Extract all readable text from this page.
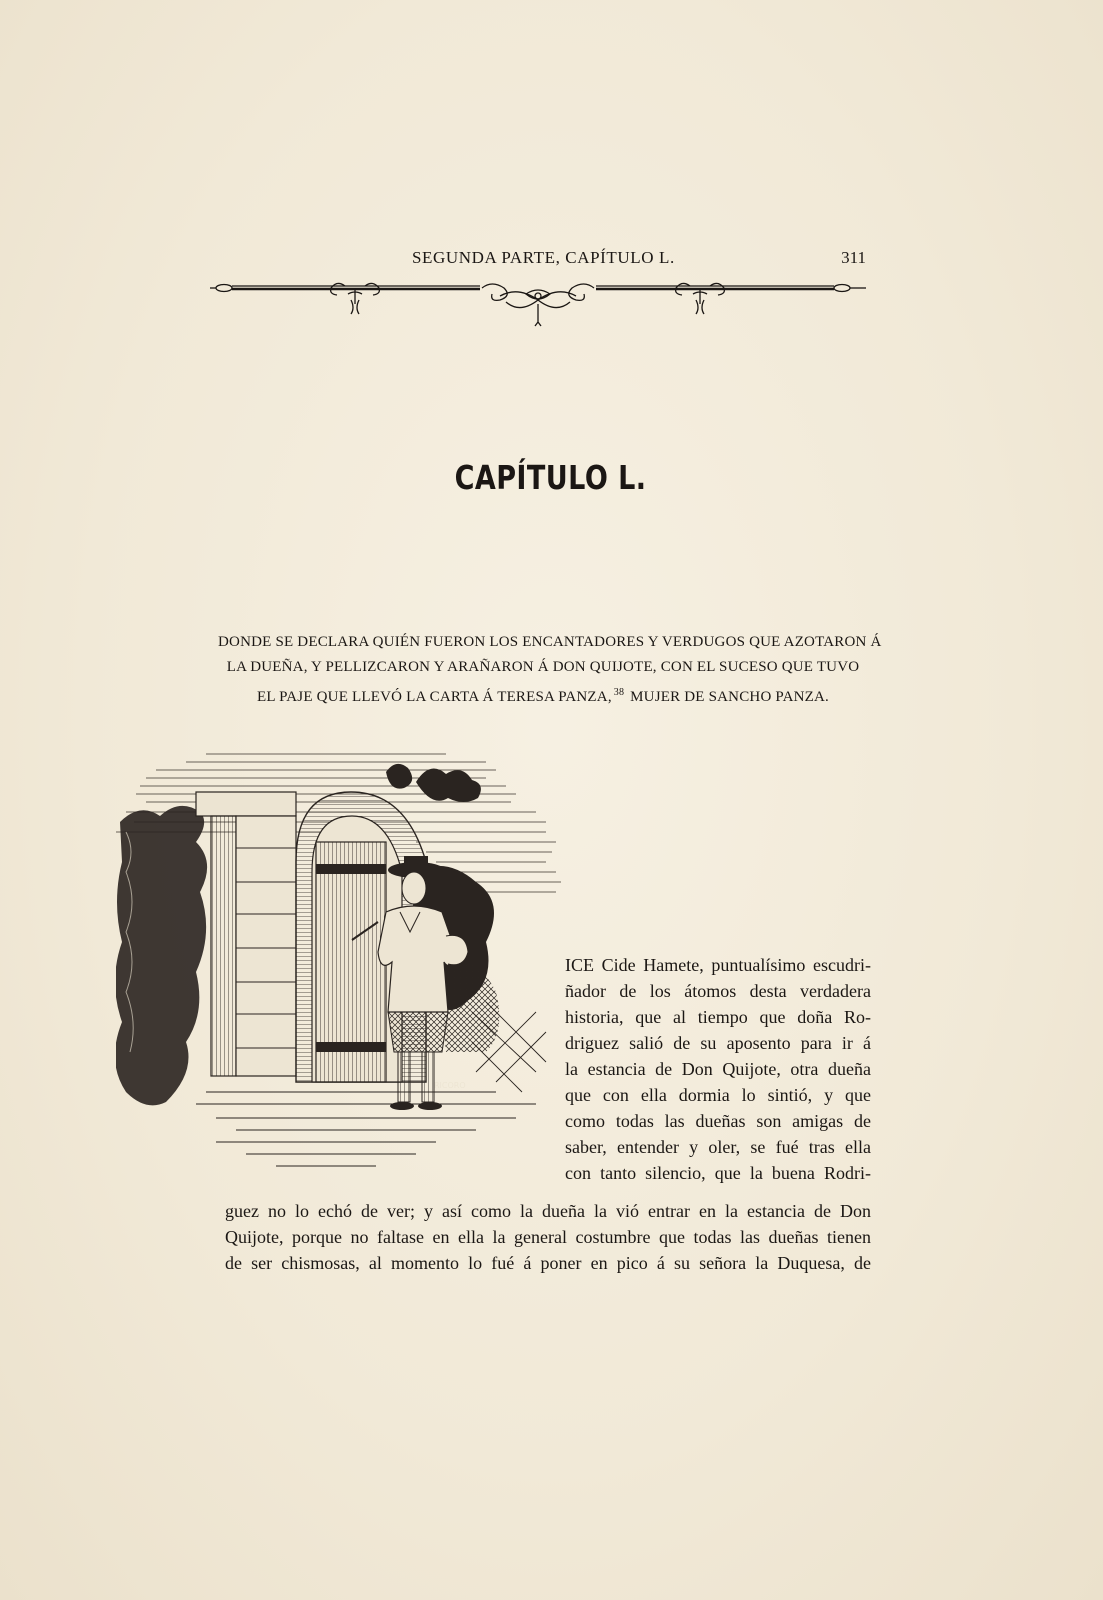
SEGUNDA PARTE, CAPÍTULO L.	311
CAPÍTULO L.
DONDE SE DECLARA QUIÉN FUERON LOS ENCANTADORES Y VERDUGOS QUE AZOTARON Á
LA DUEÑA, Y PELLIZCARON Y ARAÑARON Á DON QUIJOTE, CON EL SUCESO QUE TUVO
EL PAJE QUE LLEVÓ LA CARTA Á TERESA PANZA, $^{38}$ MUJER DE SANCHO PANZA.
RICORO
ICE Cide Hamete, puntualísimo escudri-
ñador de los átomos desta verdadera
historia, que al tiempo que doña Ro-
driguez salió de su aposento para ir á
la estancia de Don Quijote, otra dueña
que con ella dormia lo sintió, y que
como todas las dueñas son amigas de
saber, entender y oler, se fué tras ella
con tanto silencio, que la buena Rodri-
guez no lo echó de ver; y así como la dueña la vió entrar en la estancia de Don
Quijote, porque no faltase en ella la general costumbre que todas las dueñas tienen
de ser chismosas, al momento lo fué á poner en pico á su señora la Duquesa, de
